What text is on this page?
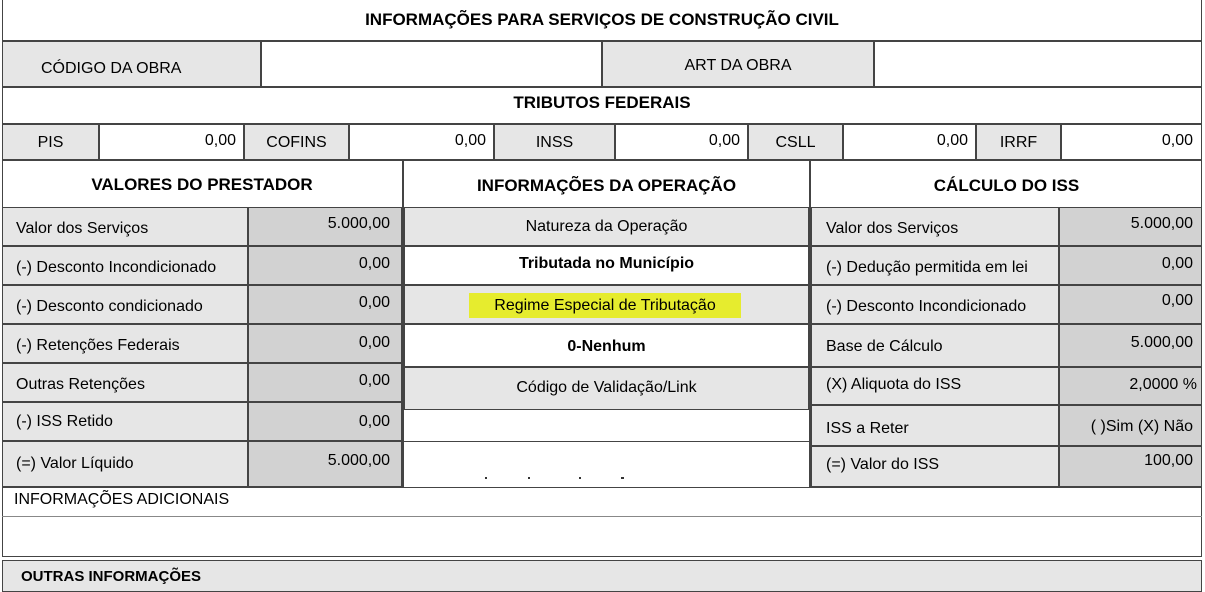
INFORMAÇÕES PARA SERVIÇOS DE CONSTRUÇÃO CIVIL
CÓDIGO DA OBRA	ART DA OBRA
TRIBUTOS FEDERAIS
PIS	0,00	COFINS	0,00	INSS	0,00	CSLL	0,00	IRRF	0,00
VALORES DO PRESTADOR	INFORMAÇÕES DA OPERAÇÃO	CÁLCULO DO ISS
Valor dos Serviços	5.000,00
(-) Desconto Incondicionado	0,00
(-) Desconto condicionado	0,00
(-) Retenções Federais	0,00
Outras Retenções	0,00
(-) ISS Retido	0,00
(=) Valor Líquido	5.000,00
Natureza da Operação
Tributada no Município
Regime Especial de Tributação
0-Nenhum
Código de Validação/Link
Valor dos Serviços	5.000,00
(-) Dedução permitida em lei	0,00
(-) Desconto Incondicionado	0,00
Base de Cálculo	5.000,00
(X) Aliquota do ISS	2,0000 %
ISS a Reter	( )Sim (X) Não
(=) Valor do ISS	100,00
INFORMAÇÕES ADICIONAIS
OUTRAS INFORMAÇÕES
